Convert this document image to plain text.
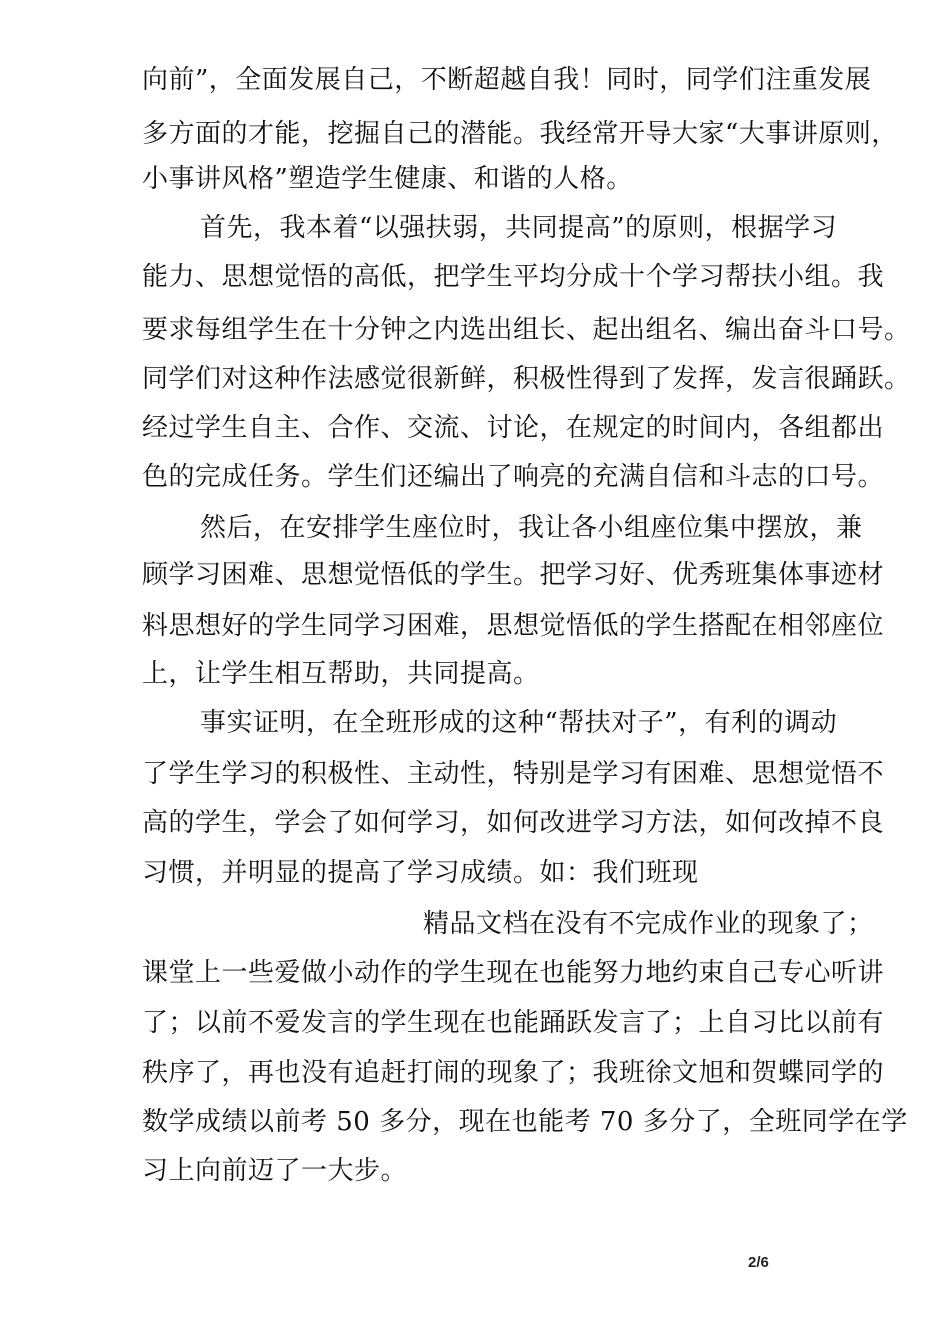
向前”，全面发展自己，不断超越自我！同时，同学们注重发展
多方面的才能，挖掘自己的潜能。我经常开导大家“大事讲原则，
小事讲风格”塑造学生健康、和谐的人格。
首先，我本着“以强扶弱，共同提高”的原则，根据学习
能力、思想觉悟的高低，把学生平均分成十个学习帮扶小组。我
要求每组学生在十分钟之内选出组长、起出组名、编出奋斗口号。
同学们对这种作法感觉很新鲜，积极性得到了发挥，发言很踊跃。
经过学生自主、合作、交流、讨论，在规定的时间内，各组都出
色的完成任务。学生们还编出了响亮的充满自信和斗志的口号。
然后，在安排学生座位时，我让各小组座位集中摆放，兼
顾学习困难、思想觉悟低的学生。把学习好、优秀班集体事迹材
料思想好的学生同学习困难，思想觉悟低的学生搭配在相邻座位
上，让学生相互帮助，共同提高。
事实证明，在全班形成的这种“帮扶对子”，有利的调动
了学生学习的积极性、主动性，特别是学习有困难、思想觉悟不
高的学生，学会了如何学习，如何改进学习方法，如何改掉不良
习惯，并明显的提高了学习成绩。如：我们班现
精品文档在没有不完成作业的现象了；
课堂上一些爱做小动作的学生现在也能努力地约束自己专心听讲
了；以前不爱发言的学生现在也能踊跃发言了；上自习比以前有
秩序了，再也没有追赶打闹的现象了；我班徐文旭和贺蝶同学的
数学成绩以前考 50 多分，现在也能考 70 多分了，全班同学在学
习上向前迈了一大步。
2/6
